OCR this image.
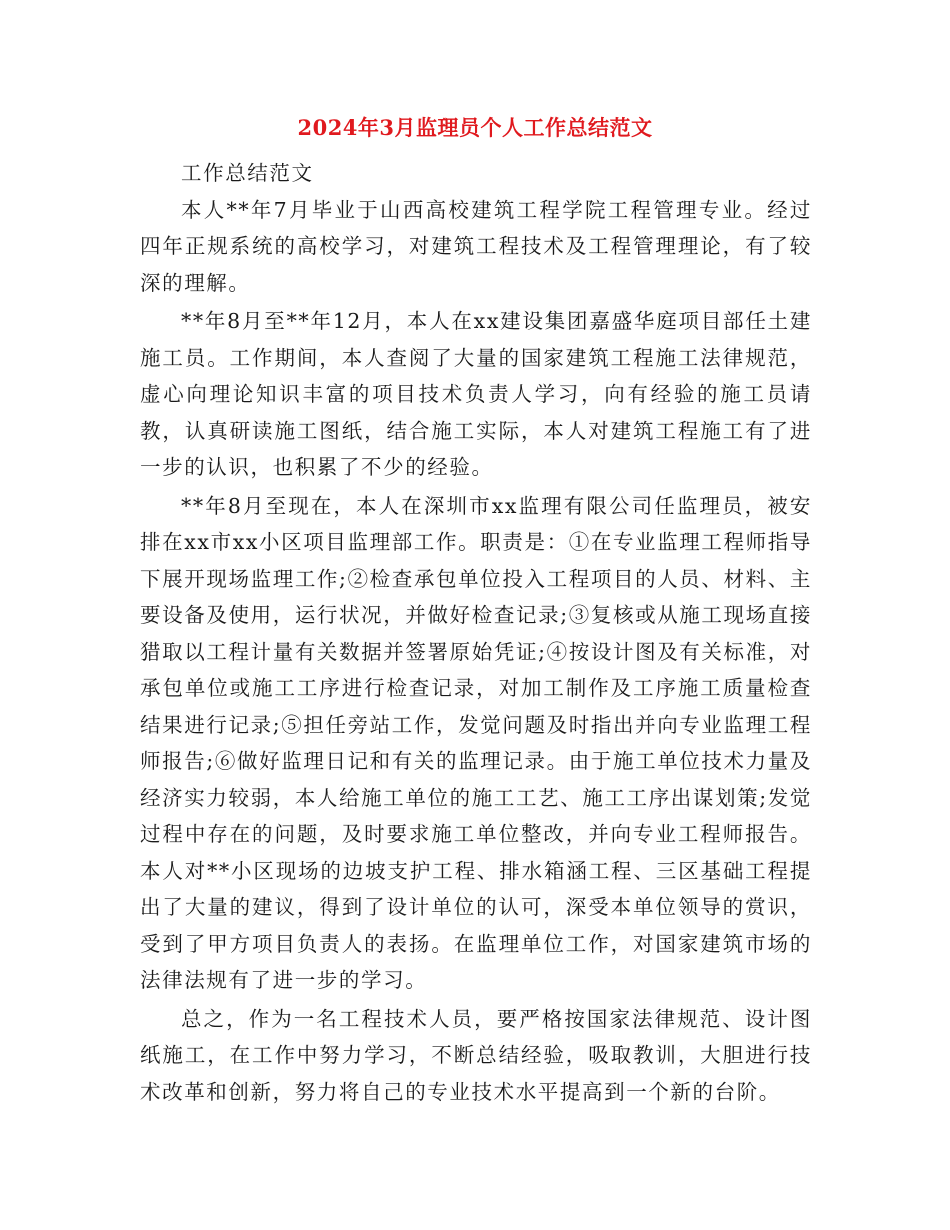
2024年3月监理员个人工作总结范文

工作总结范文

本人**年7月毕业于山西高校建筑工程学院工程管理专业。经过四年正规系统的高校学习，对建筑工程技术及工程管理理论，有了较深的理解。

**年8月至**年12月，本人在xx建设集团嘉盛华庭项目部任土建施工员。工作期间，本人查阅了大量的国家建筑工程施工法律规范，虚心向理论知识丰富的项目技术负责人学习，向有经验的施工员请教，认真研读施工图纸，结合施工实际，本人对建筑工程施工有了进一步的认识，也积累了不少的经验。

**年8月至现在，本人在深圳市xx监理有限公司任监理员，被安排在xx市xx小区项目监理部工作。职责是：①在专业监理工程师指导下展开现场监理工作;②检查承包单位投入工程项目的人员、材料、主要设备及使用，运行状况，并做好检查记录;③复核或从施工现场直接猎取以工程计量有关数据并签署原始凭证;④按设计图及有关标准，对承包单位或施工工序进行检查记录，对加工制作及工序施工质量检查结果进行记录;⑤担任旁站工作，发觉问题及时指出并向专业监理工程师报告;⑥做好监理日记和有关的监理记录。由于施工单位技术力量及经济实力较弱，本人给施工单位的施工工艺、施工工序出谋划策;发觉过程中存在的问题，及时要求施工单位整改，并向专业工程师报告。本人对**小区现场的边坡支护工程、排水箱涵工程、三区基础工程提出了大量的建议，得到了设计单位的认可，深受本单位领导的赏识，受到了甲方项目负责人的表扬。在监理单位工作，对国家建筑市场的法律法规有了进一步的学习。

总之，作为一名工程技术人员，要严格按国家法律规范、设计图纸施工，在工作中努力学习，不断总结经验，吸取教训，大胆进行技术改革和创新，努力将自己的专业技术水平提高到一个新的台阶。
